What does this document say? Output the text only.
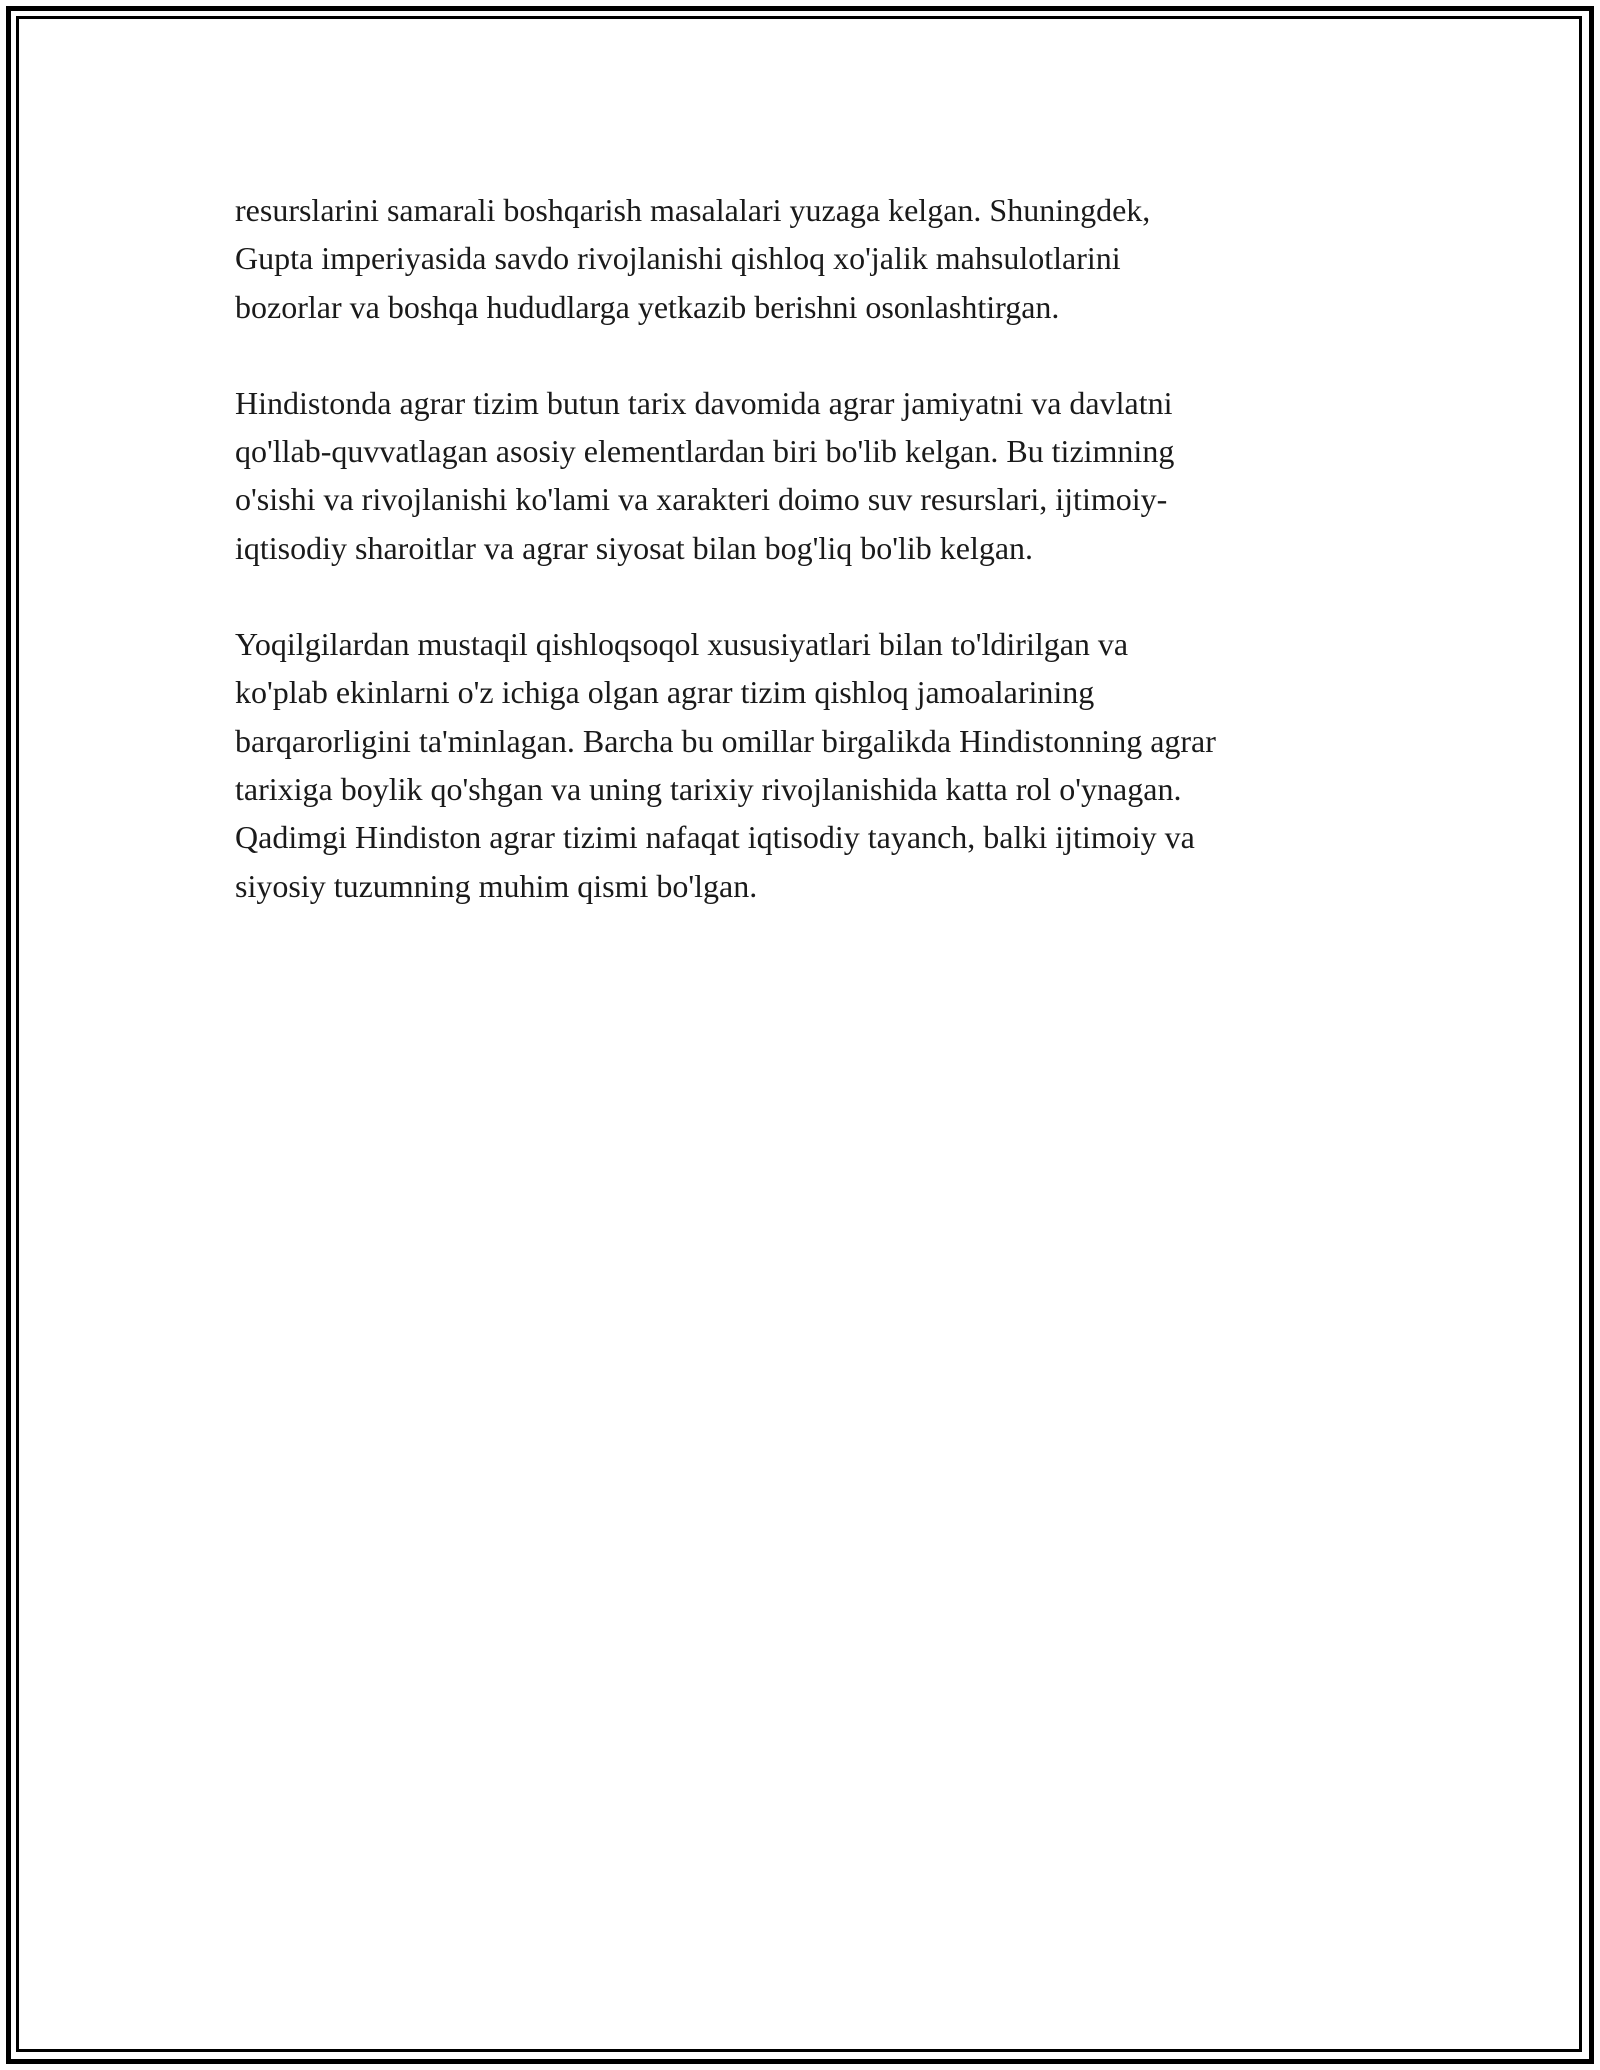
resurslarini samarali boshqarish masalalari yuzaga kelgan. Shuningdek,
Gupta imperiyasida savdo rivojlanishi qishloq xo'jalik mahsulotlarini
bozorlar va boshqa hududlarga yetkazib berishni osonlashtirgan.

Hindistonda agrar tizim butun tarix davomida agrar jamiyatni va davlatni
qo'llab-quvvatlagan asosiy elementlardan biri bo'lib kelgan. Bu tizimning
o'sishi va rivojlanishi ko'lami va xarakteri doimo suv resurslari, ijtimoiy-
iqtisodiy sharoitlar va agrar siyosat bilan bog'liq bo'lib kelgan.

Yoqilgilardan mustaqil qishloqsoqol xususiyatlari bilan to'ldirilgan va
ko'plab ekinlarni o'z ichiga olgan agrar tizim qishloq jamoalarining
barqarorligini ta'minlagan. Barcha bu omillar birgalikda Hindistonning agrar
tarixiga boylik qo'shgan va uning tarixiy rivojlanishida katta rol o'ynagan.
Qadimgi Hindiston agrar tizimi nafaqat iqtisodiy tayanch, balki ijtimoiy va
siyosiy tuzumning muhim qismi bo'lgan.
